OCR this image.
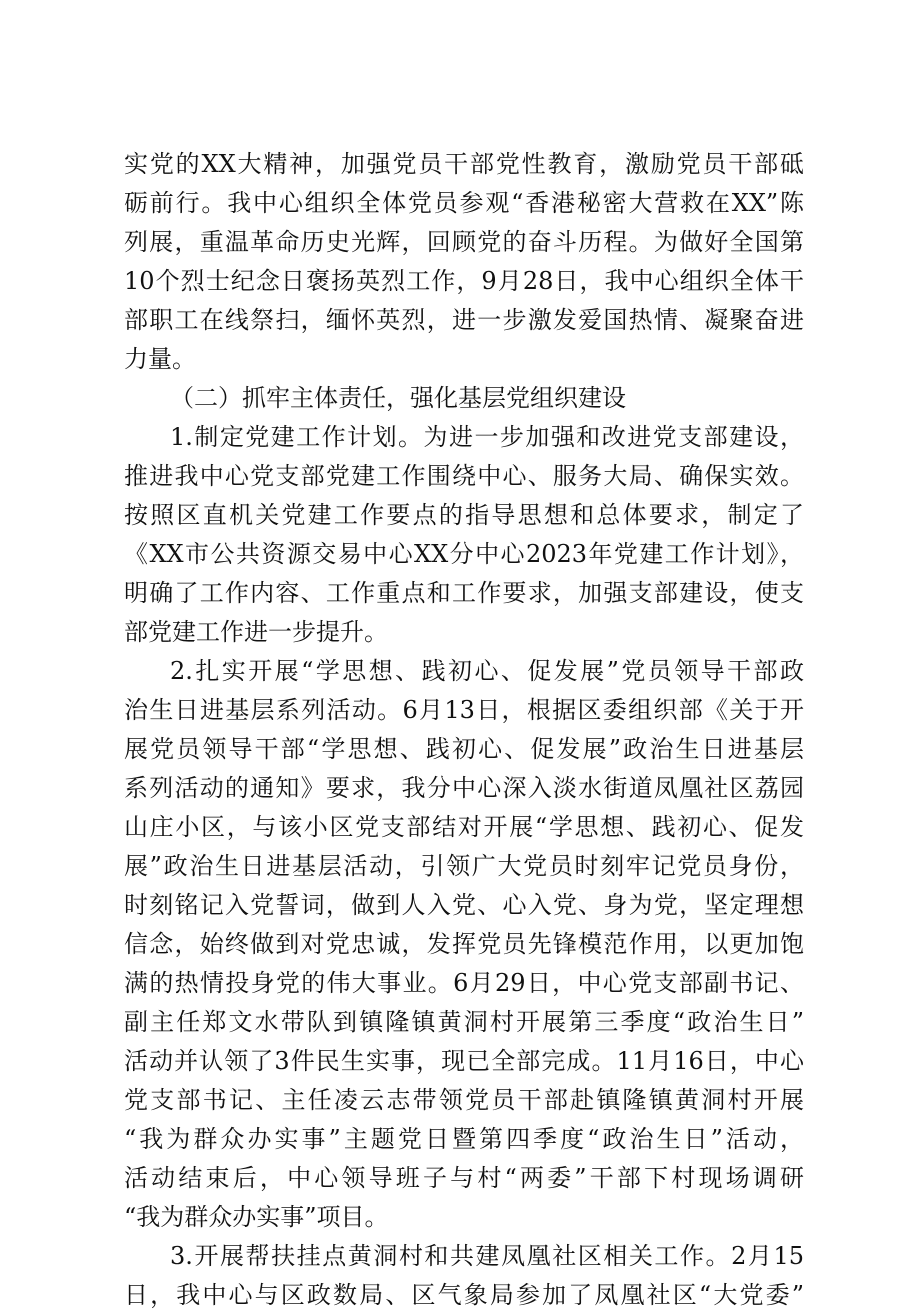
实党的XX大精神，加强党员干部党性教育，激励党员干部砥
砺前行。我中心组织全体党员参观“香港秘密大营救在XX”陈
列展，重温革命历史光辉，回顾党的奋斗历程。为做好全国第
10个烈士纪念日褒扬英烈工作，9月28日，我中心组织全体干
部职工在线祭扫，缅怀英烈，进一步激发爱国热情、凝聚奋进
力量。
（二）抓牢主体责任，强化基层党组织建设
1.制定党建工作计划。为进一步加强和改进党支部建设，
推进我中心党支部党建工作围绕中心、服务大局、确保实效。
按照区直机关党建工作要点的指导思想和总体要求，制定了
《XX市公共资源交易中心XX分中心2023年党建工作计划》，
明确了工作内容、工作重点和工作要求，加强支部建设，使支
部党建工作进一步提升。
2.扎实开展“学思想、践初心、促发展”党员领导干部政
治生日进基层系列活动。6月13日，根据区委组织部《关于开
展党员领导干部“学思想、践初心、促发展”政治生日进基层
系列活动的通知》要求，我分中心深入淡水街道凤凰社区荔园
山庄小区，与该小区党支部结对开展“学思想、践初心、促发
展”政治生日进基层活动，引领广大党员时刻牢记党员身份，
时刻铭记入党誓词，做到人入党、心入党、身为党，坚定理想
信念，始终做到对党忠诚，发挥党员先锋模范作用，以更加饱
满的热情投身党的伟大事业。6月29日，中心党支部副书记、
副主任郑文水带队到镇隆镇黄洞村开展第三季度“政治生日”
活动并认领了3件民生实事，现已全部完成。11月16日，中心
党支部书记、主任凌云志带领党员干部赴镇隆镇黄洞村开展
“我为群众办实事”主题党日暨第四季度“政治生日”活动，
活动结束后，中心领导班子与村“两委”干部下村现场调研
“我为群众办实事”项目。
3.开展帮扶挂点黄洞村和共建凤凰社区相关工作。2月15
日，我中心与区政数局、区气象局参加了凤凰社区“大党委”
